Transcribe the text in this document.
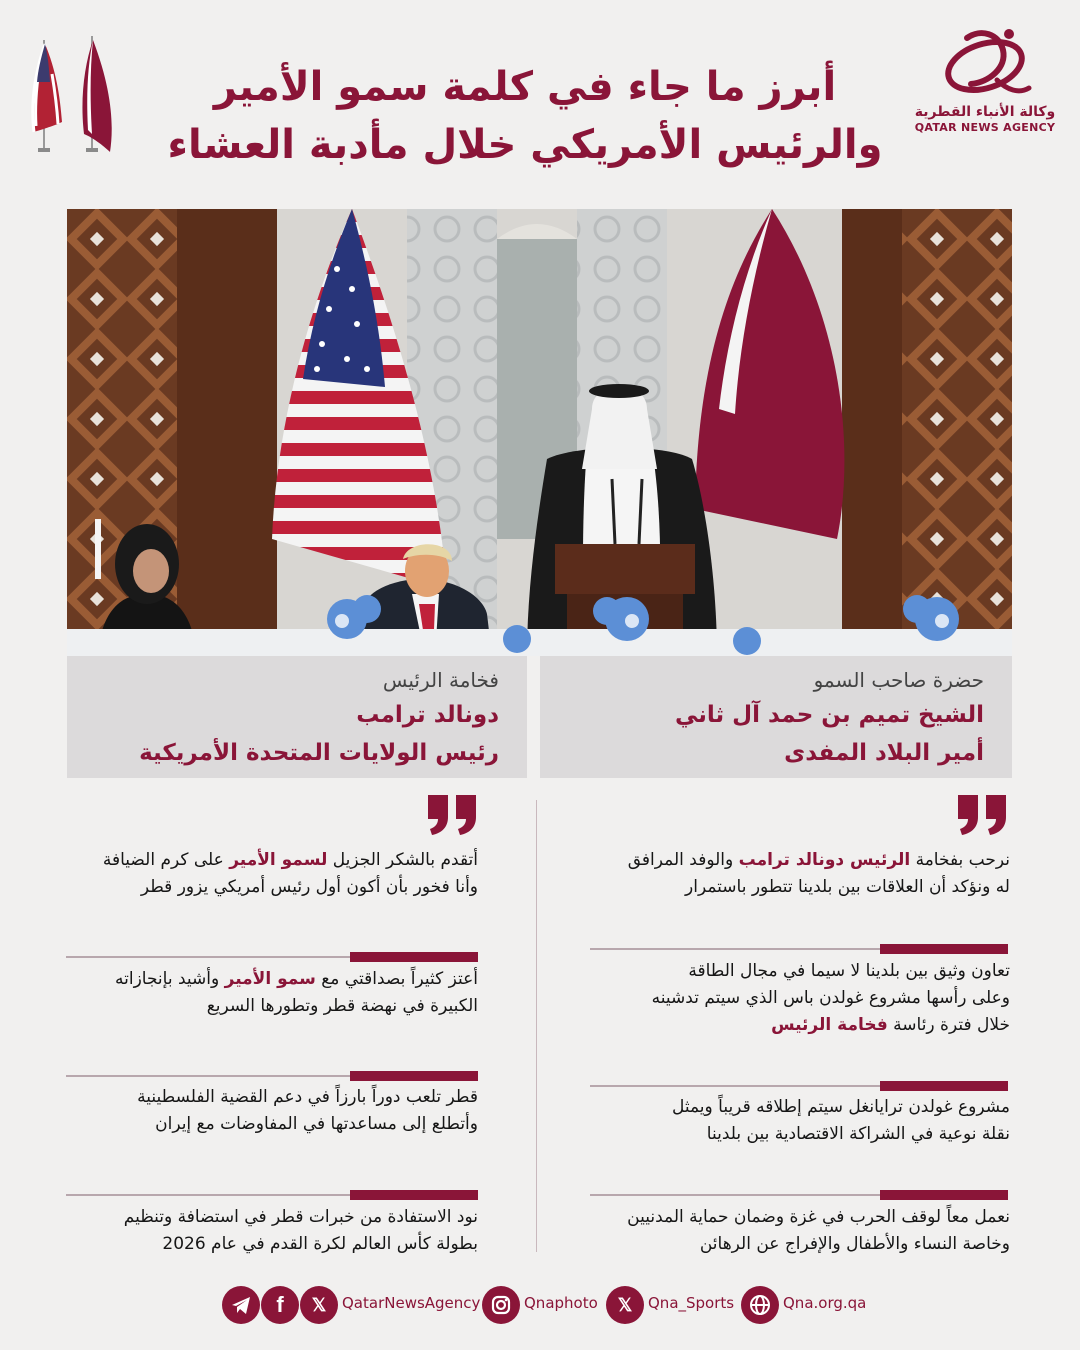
أبرز ما جاء في كلمة سمو الأمير
والرئيس الأمريكي خلال مأدبة العشاء
وكالة الأنباء القطرية
QATAR NEWS AGENCY
حضرة صاحب السمو
الشيخ تميم بن حمد آل ثاني
أمير البلاد المفدى
فخامة الرئيس
دونالد ترامب
رئيس الولايات المتحدة الأمريكية
نرحب بفخامة الرئيس دونالد ترامب والوفد المرافق
له ونؤكد أن العلاقات بين بلدينا تتطور باستمرار
تعاون وثيق بين بلدينا لا سيما في مجال الطاقة
وعلى رأسها مشروع غولدن باس الذي سيتم تدشينه
خلال فترة رئاسة فخامة الرئيس
مشروع غولدن ترايانغل سيتم إطلاقه قريباً ويمثل
نقلة نوعية في الشراكة الاقتصادية بين بلدينا
نعمل معاً لوقف الحرب في غزة وضمان حماية المدنيين
وخاصة النساء والأطفال والإفراج عن الرهائن
أتقدم بالشكر الجزيل لسمو الأمير على كرم الضيافة
وأنا فخور بأن أكون أول رئيس أمريكي يزور قطر
أعتز كثيراً بصداقتي مع سمو الأمير وأشيد بإنجازاته
الكبيرة في نهضة قطر وتطورها السريع
قطر تلعب دوراً بارزاً في دعم القضية الفلسطينية
وأتطلع إلى مساعدتها في المفاوضات مع إيران
نود الاستفادة من خبرات قطر في استضافة وتنظيم
بطولة كأس العالم لكرة القدم في عام 2026
f	𝕏	QatarNewsAgency	Qnaphoto	𝕏	Qna_Sports	Qna.org.qa
